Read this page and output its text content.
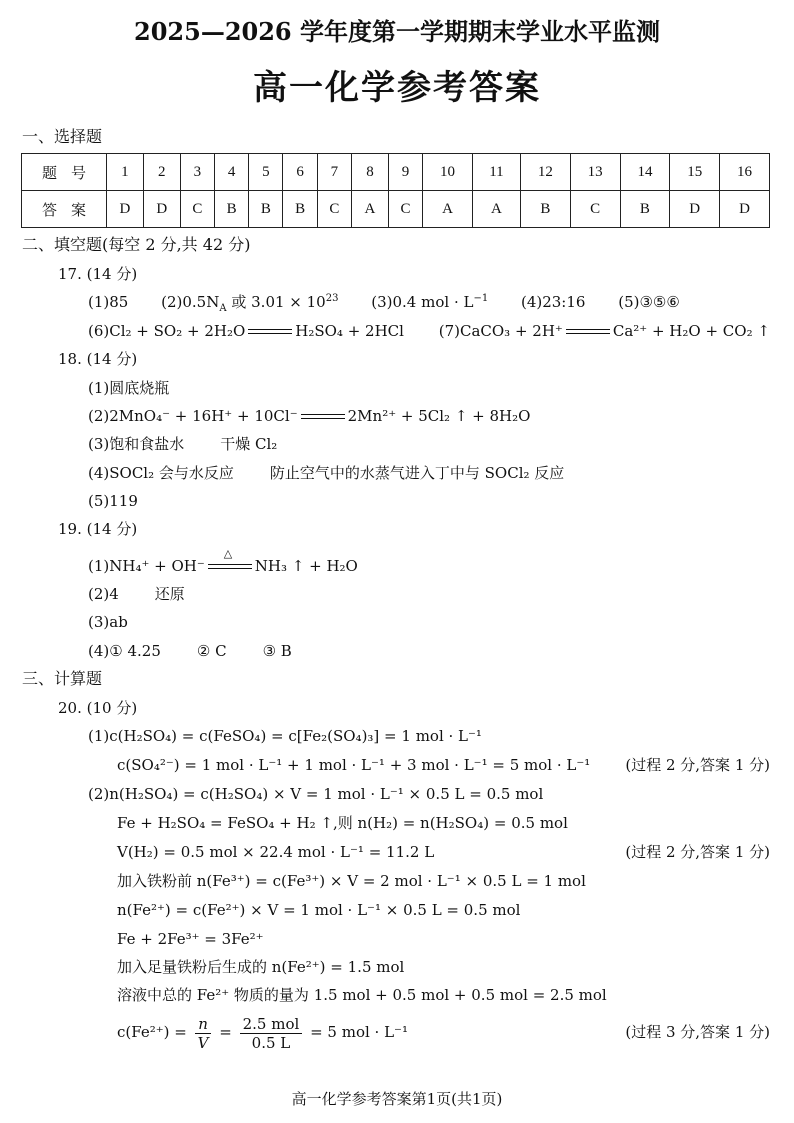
2025—2026 学年度第一学期期末学业水平监测
高一化学参考答案
一、选择题
题号	1	2	3	4	5	6	7	8	9	10	11	12	13	14	15	16
答案	D	D	C	B	B	B	C	A	C	A	A	B	C	B	D	D
二、填空题(每空 2 分,共 42 分)
17. (14 分)
(1)85 $(2)0.5N_A$ 或 $3.01 \times 10^{23}$ (3)0.4 mol · $L^{-1}$ (4)23:16 (5)③⑤⑥
(6)Cl₂ + SO₂ + 2H₂O	H₂SO₄ + 2HCl (7)CaCO₃ + 2H⁺	Ca²⁺ + H₂O + CO₂ ↑
18. (14 分)
(1)圆底烧瓶
(2)2MnO₄⁻ + 16H⁺ + 10Cl⁻	2Mn²⁺ + 5Cl₂ ↑ + 8H₂O
(3)饱和食盐水 干燥 Cl₂
(4)SOCl₂ 会与水反应 防止空气中的水蒸气进入丁中与 SOCl₂ 反应
(5)119
19. (14 分)
(1)NH₄⁺ + OH⁻
△
NH₃ ↑ + H₂O
(2)4 还原
(3)ab
(4)① 4.25 ② C ③ B
三、计算题
20. (10 分)
(1)c(H₂SO₄) = c(FeSO₄) = c[Fe₂(SO₄)₃] = 1 mol · L⁻¹
c(SO₄²⁻) = 1 mol · L⁻¹ + 1 mol · L⁻¹ + 3 mol · L⁻¹ = 5 mol · L⁻¹ (过程 2 分,答案 1 分)
(2)n(H₂SO₄) = c(H₂SO₄) × V = 1 mol · L⁻¹ × 0.5 L = 0.5 mol
Fe + H₂SO₄ = FeSO₄ + H₂ ↑,则 n(H₂) = n(H₂SO₄) = 0.5 mol
V(H₂) = 0.5 mol × 22.4 mol · L⁻¹ = 11.2 L	(过程 2 分,答案 1 分)
加入铁粉前 n(Fe³⁺) = c(Fe³⁺) × V = 2 mol · L⁻¹ × 0.5 L = 1 mol
n(Fe²⁺) = c(Fe²⁺) × V = 1 mol · L⁻¹ × 0.5 L = 0.5 mol
Fe + 2Fe³⁺ = 3Fe²⁺
加入足量铁粉后生成的 n(Fe²⁺) = 1.5 mol
溶液中总的 Fe²⁺ 物质的量为 1.5 mol + 0.5 mol + 0.5 mol = 2.5 mol
$c(Fe^{2+}) = \frac{n}{V} = \frac{\text{2.5 mol}}{0.5 L} = 5$ mol · L⁻¹	(过程 3 分,答案 1 分)
高一化学参考答案第1页(共1页)
